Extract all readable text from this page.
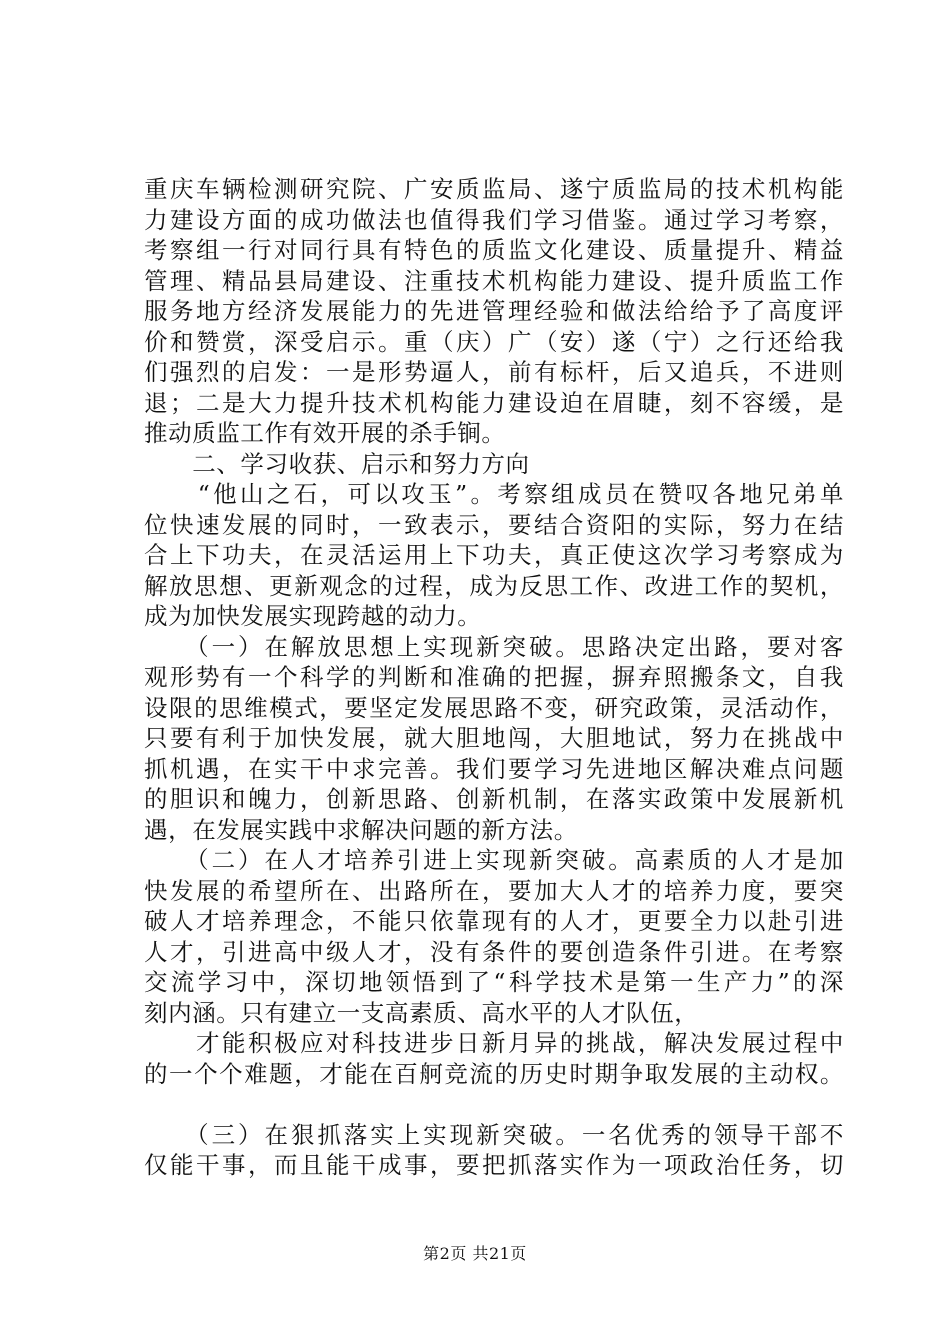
重庆车辆检测研究院、广安质监局、遂宁质监局的技术机构能
力建设方面的成功做法也值得我们学习借鉴。通过学习考察，
考察组一行对同行具有特色的质监文化建设、质量提升、精益
管理、精品县局建设、注重技术机构能力建设、提升质监工作
服务地方经济发展能力的先进管理经验和做法给给予了高度评
价和赞赏，深受启示。重（庆）广（安）遂（宁）之行还给我
们强烈的启发：一是形势逼人，前有标杆，后又追兵，不进则
退；二是大力提升技术机构能力建设迫在眉睫，刻不容缓，是
推动质监工作有效开展的杀手锏。
　　二、学习收获、启示和努力方向
　　“他山之石，可以攻玉”。考察组成员在赞叹各地兄弟单
位快速发展的同时，一致表示，要结合资阳的实际，努力在结
合上下功夫，在灵活运用上下功夫，真正使这次学习考察成为
解放思想、更新观念的过程，成为反思工作、改进工作的契机，
成为加快发展实现跨越的动力。
　　（一）在解放思想上实现新突破。思路决定出路，要对客
观形势有一个科学的判断和准确的把握，摒弃照搬条文，自我
设限的思维模式，要坚定发展思路不变，研究政策，灵活动作，
只要有利于加快发展，就大胆地闯，大胆地试，努力在挑战中
抓机遇，在实干中求完善。我们要学习先进地区解决难点问题
的胆识和魄力，创新思路、创新机制，在落实政策中发展新机
遇，在发展实践中求解决问题的新方法。
　　（二）在人才培养引进上实现新突破。高素质的人才是加
快发展的希望所在、出路所在，要加大人才的培养力度，要突
破人才培养理念，不能只依靠现有的人才，更要全力以赴引进
人才，引进高中级人才，没有条件的要创造条件引进。在考察
交流学习中，深切地领悟到了“科学技术是第一生产力”的深
刻内涵。只有建立一支高素质、高水平的人才队伍，
　　才能积极应对科技进步日新月异的挑战，解决发展过程中
的一个个难题，才能在百舸竞流的历史时期争取发展的主动权。
　　（三）在狠抓落实上实现新突破。一名优秀的领导干部不
仅能干事，而且能干成事，要把抓落实作为一项政治任务，切
第2页 共21页
